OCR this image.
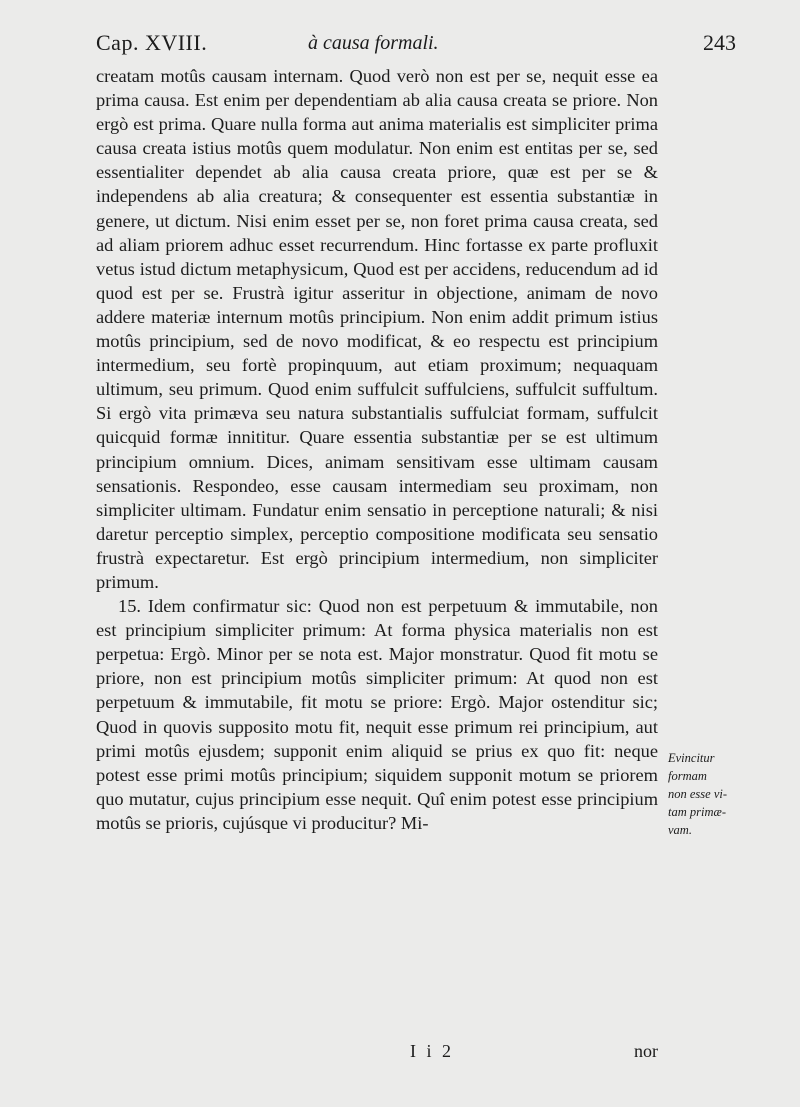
Cap. XVIII.	à causa formali.	243

creatam motûs causam internam. Quod verò non est per se, nequit esse ea prima causa. Est enim per dependentiam ab alia causa creata se priore. Non ergò est prima. Quare nulla forma aut anima materialis est simpliciter prima causa creata istius motûs quem modulatur. Non enim est entitas per se, sed essentialiter dependet ab alia causa creata priore, quæ est per se & independens ab alia creatura; & consequenter est essentia substantiæ in genere, ut dictum. Nisi enim esset per se, non foret prima causa creata, sed ad aliam priorem adhuc esset recurrendum. Hinc fortasse ex parte profluxit vetus istud dictum metaphysicum, Quod est per accidens, reducendum ad id quod est per se. Frustrà igitur asseritur in objectione, animam de novo addere materiæ internum motûs principium. Non enim addit primum istius motûs principium, sed de novo modificat, & eo respectu est principium intermedium, seu fortè propinquum, aut etiam proximum; nequaquam ultimum, seu primum. Quod enim suffulcit suffulciens, suffulcit suffultum. Si ergò vita primæva seu natura substantialis suffulciat formam, suffulcit quicquid formæ innititur. Quare essentia substantiæ per se est ultimum principium omnium. Dices, animam sensitivam esse ultimam causam sensationis. Respondeo, esse causam intermediam seu proximam, non simpliciter ultimam. Fundatur enim sensatio in perceptione naturali; & nisi daretur perceptio simplex, perceptio compositione modificata seu sensatio frustrà expectaretur. Est ergò principium intermedium, non simpliciter primum.

15. Idem confirmatur sic: Quod non est perpetuum & immutabile, non est principium simpliciter primum: At forma physica materialis non est perpetua: Ergò. Minor per se nota est. Major monstratur. Quod fit motu se priore, non est principium motûs simpliciter primum: At quod non est perpetuum & immutabile, fit motu se priore: Ergò. Major ostenditur sic; Quod in quovis supposito motu fit, nequit esse primum rei principium, aut primi motûs ejusdem; supponit enim aliquid se prius ex quo fit: neque potest esse primi motûs principium; siquidem supponit motum se priorem quo mutatur, cujus principium esse nequit. Quî enim potest esse principium motûs se prioris, cujúsque vi producitur? Mi-

Evincitur
formam
non esse vi-
tam primæ-
vam.
I i 2	nor
